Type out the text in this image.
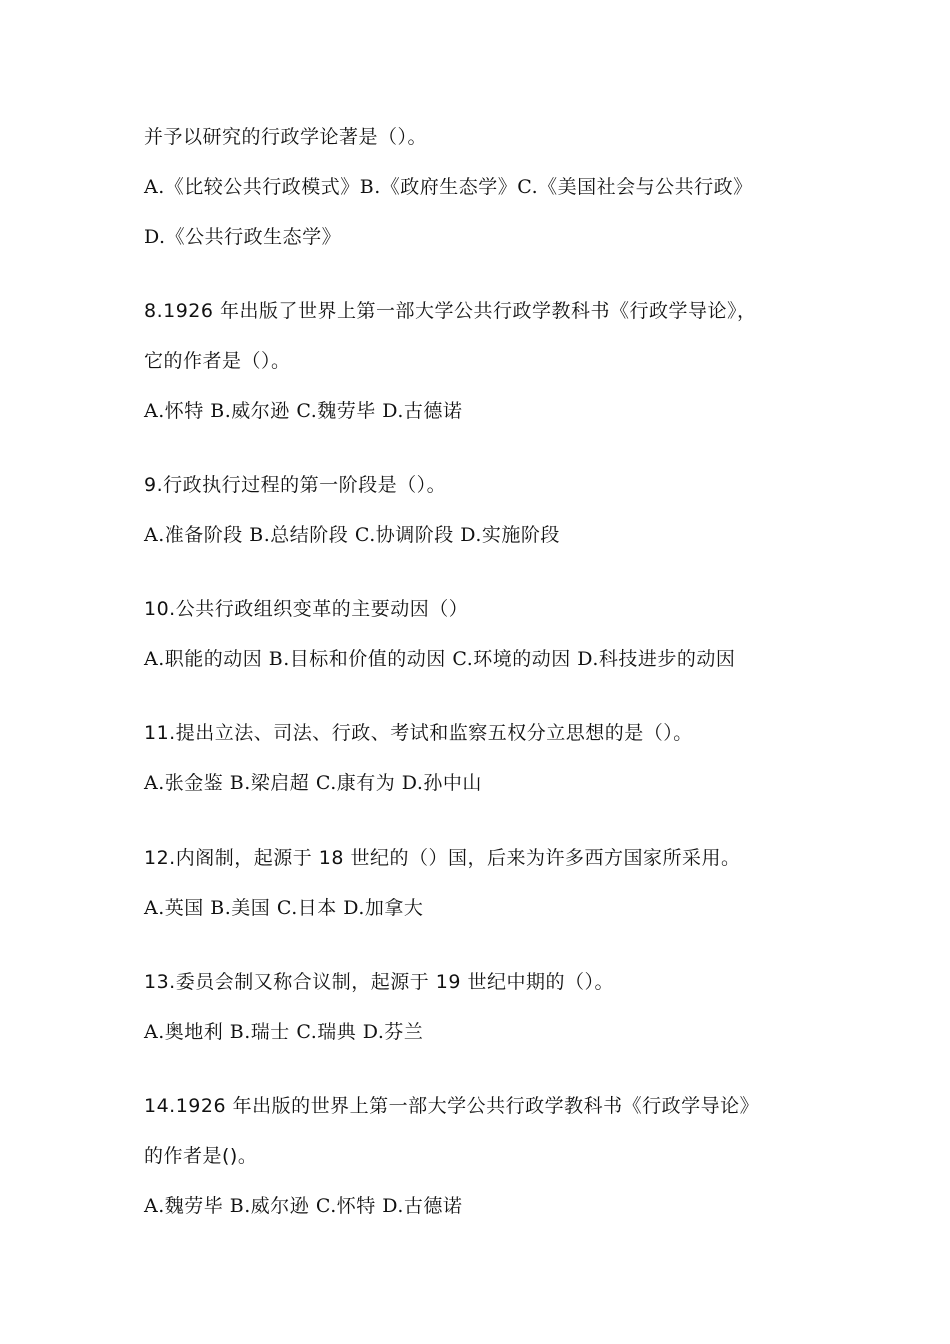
并予以研究的行政学论著是（）。
A.《比较公共行政模式》B.《政府生态学》C.《美国社会与公共行政》
D.《公共行政生态学》
8.1926 年出版了世界上第一部大学公共行政学教科书《行政学导论》，
它的作者是（）。
A.怀特 B.威尔逊 C.魏劳毕 D.古德诺
9.行政执行过程的第一阶段是（）。
A.准备阶段 B.总结阶段 C.协调阶段 D.实施阶段
10.公共行政组织变革的主要动因（）
A.职能的动因 B.目标和价值的动因 C.环境的动因 D.科技进步的动因
11.提出立法、司法、行政、考试和监察五权分立思想的是（）。
A.张金鉴 B.梁启超 C.康有为 D.孙中山
12.内阁制，起源于 18 世纪的（）国，后来为许多西方国家所采用。
A.英国 B.美国 C.日本 D.加拿大
13.委员会制又称合议制，起源于 19 世纪中期的（）。
A.奥地利 B.瑞士 C.瑞典 D.芬兰
14.1926 年出版的世界上第一部大学公共行政学教科书《行政学导论》
的作者是()。
A.魏劳毕 B.威尔逊 C.怀特 D.古德诺
